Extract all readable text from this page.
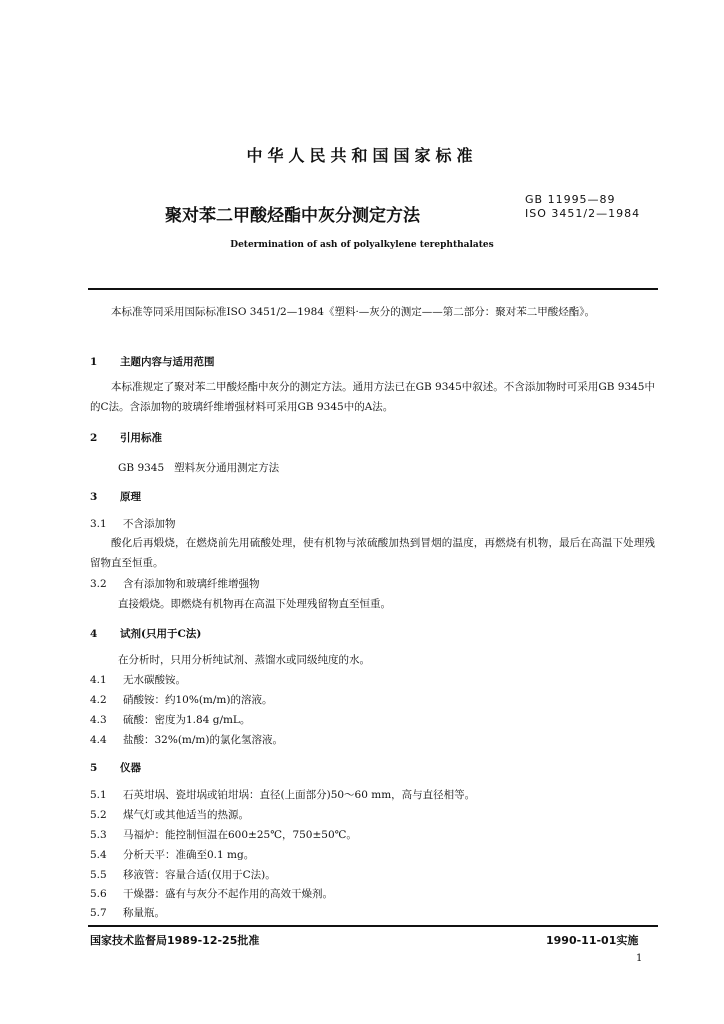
中华人民共和国国家标准
聚对苯二甲酸烃酯中灰分测定方法
GB 11995—89
ISO 3451/2—1984
Determination of ash of polyalkylene terephthalates
本标准等同采用国际标准ISO 3451/2—1984《塑料·—灰分的测定——第二部分：聚对苯二甲酸烃酯》。
1 主题内容与适用范围
本标准规定了聚对苯二甲酸烃酯中灰分的测定方法。通用方法已在GB 9345中叙述。不含添加物时可采用GB 9345中的C法。含添加物的玻璃纤维增强材料可采用GB 9345中的A法。
2 引用标准
GB 9345   塑料灰分通用测定方法
3 原理
3.1 不含添加物
酸化后再煅烧，在燃烧前先用硫酸处理，使有机物与浓硫酸加热到冒烟的温度，再燃烧有机物，最后在高温下处理残留物直至恒重。
3.2 含有添加物和玻璃纤维增强物
直接煅烧。即燃烧有机物再在高温下处理残留物直至恒重。
4 试剂(只用于C法)
在分析时，只用分析纯试剂、蒸馏水或同级纯度的水。
4.1 无水碳酸铵。
4.2 硝酸铵：约10%(m/m)的溶液。
4.3 硫酸：密度为1.84 g/mL。
4.4 盐酸：32%(m/m)的氯化氢溶液。
5 仪器
5.1 石英坩埚、瓷坩埚或铂坩埚：直径(上面部分)50～60 mm，高与直径相等。
5.2 煤气灯或其他适当的热源。
5.3 马福炉：能控制恒温在600±25℃，750±50℃。
5.4 分析天平：准确至0.1 mg。
5.5 移液管：容量合适(仅用于C法)。
5.6 干燥器：盛有与灰分不起作用的高效干燥剂。
5.7 称量瓶。
国家技术监督局1989-12-25批准	1990-11-01实施
1
